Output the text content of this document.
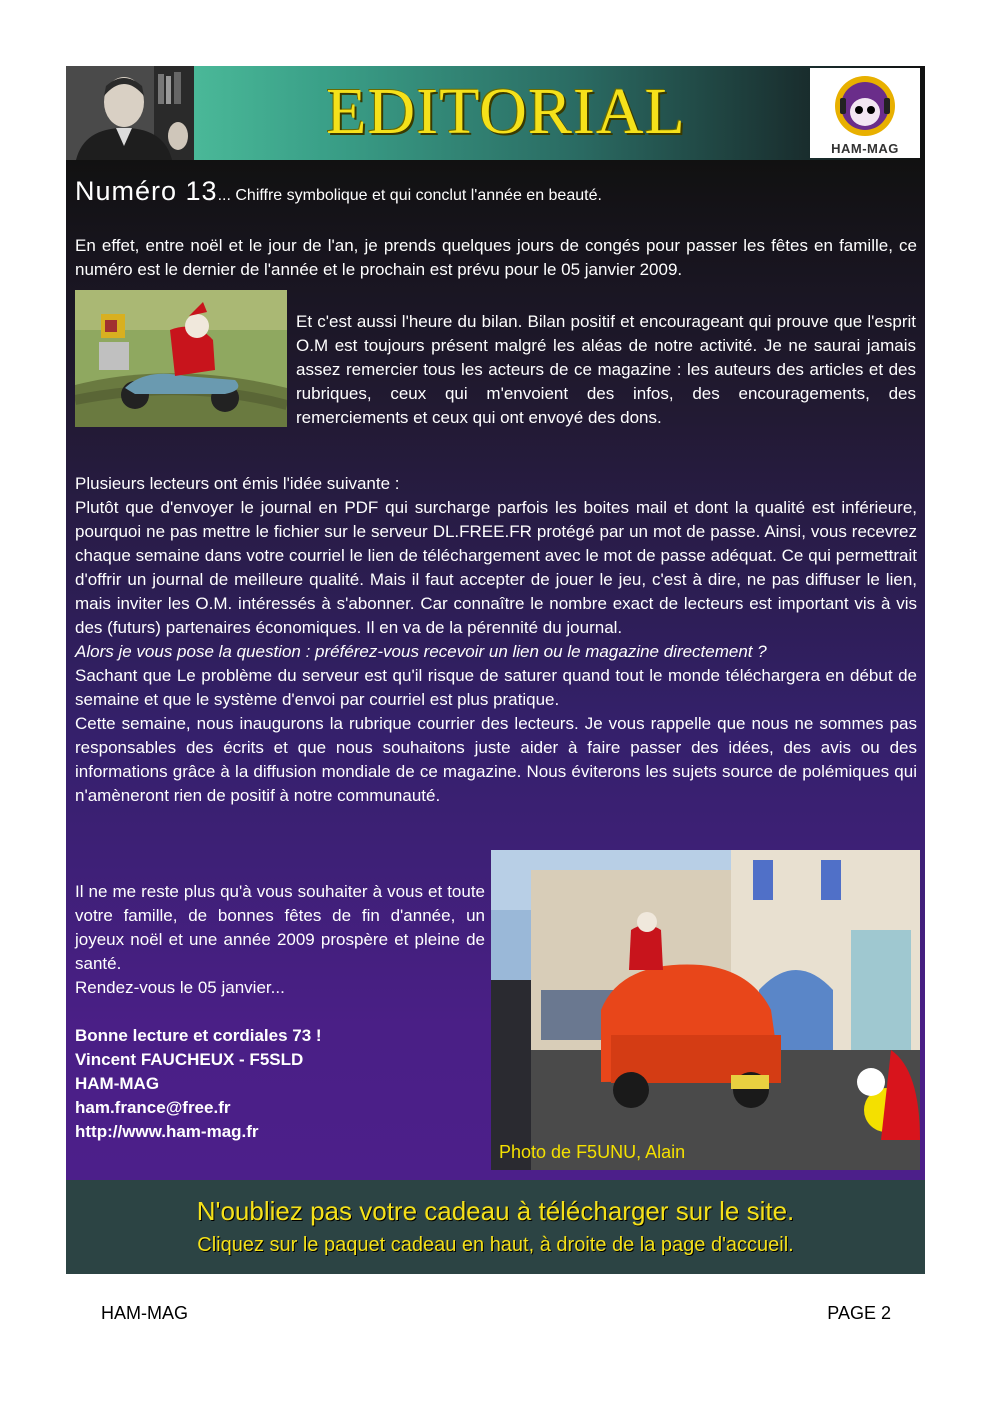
EDITORIAL
HAM-MAG
Numéro 13... Chiffre symbolique et qui conclut l'année en beauté.

En effet, entre noël et le jour de l'an, je prends quelques jours de congés pour passer les fêtes en famille, ce numéro est le dernier de l'année et le prochain est prévu pour le 05 janvier 2009.

Et c'est aussi l'heure du bilan. Bilan positif et encourageant qui prouve que l'esprit O.M est toujours présent malgré les aléas de notre activité. Je ne saurai jamais assez remercier tous les acteurs de ce magazine : les auteurs des articles et des rubriques, ceux qui m'envoient des infos, des encouragements, des remerciements et ceux qui ont envoyé des dons.

Plusieurs lecteurs ont émis l'idée suivante :
Plutôt que d'envoyer le journal en PDF qui surcharge parfois les boites mail et dont la qualité est inférieure, pourquoi ne pas mettre le fichier sur le serveur DL.FREE.FR protégé par un mot de passe. Ainsi, vous recevrez chaque semaine dans votre courriel le lien de téléchargement avec le mot de passe adéquat. Ce qui permettrait d'offrir un journal de meilleure qualité. Mais il faut accepter de jouer le jeu, c'est à dire, ne pas diffuser le lien, mais inviter les O.M. intéressés à s'abonner. Car connaître le nombre exact de lecteurs est important vis à vis des (futurs) partenaires économiques. Il en va de la pérennité du journal.
Alors je vous pose la question : préférez-vous recevoir un lien ou le magazine directement ?
Sachant que Le problème du serveur est qu'il risque de saturer quand tout le monde téléchargera en début de semaine et que le système d'envoi par courriel est plus pratique.
Cette semaine, nous inaugurons la rubrique courrier des lecteurs. Je vous rappelle que nous ne sommes pas responsables des écrits et que nous souhaitons juste aider à faire passer des idées, des avis ou des informations grâce à la diffusion mondiale de ce magazine. Nous éviterons les sujets source de polémiques qui n'amèneront rien de positif à notre communauté.

Il ne me reste plus qu'à vous souhaiter à vous et toute votre famille, de bonnes fêtes de fin d'année, un joyeux noël et une année 2009 prospère et pleine de santé.
Rendez-vous le 05 janvier...

Bonne lecture et cordiales 73 !
Vincent FAUCHEUX - F5SLD
HAM-MAG
ham.france@free.fr
http://www.ham-mag.fr
Photo de F5UNU, Alain
N'oubliez pas votre cadeau à télécharger sur le site.
Cliquez sur le paquet cadeau en haut, à droite de la page d'accueil.
HAM-MAG	PAGE 2
